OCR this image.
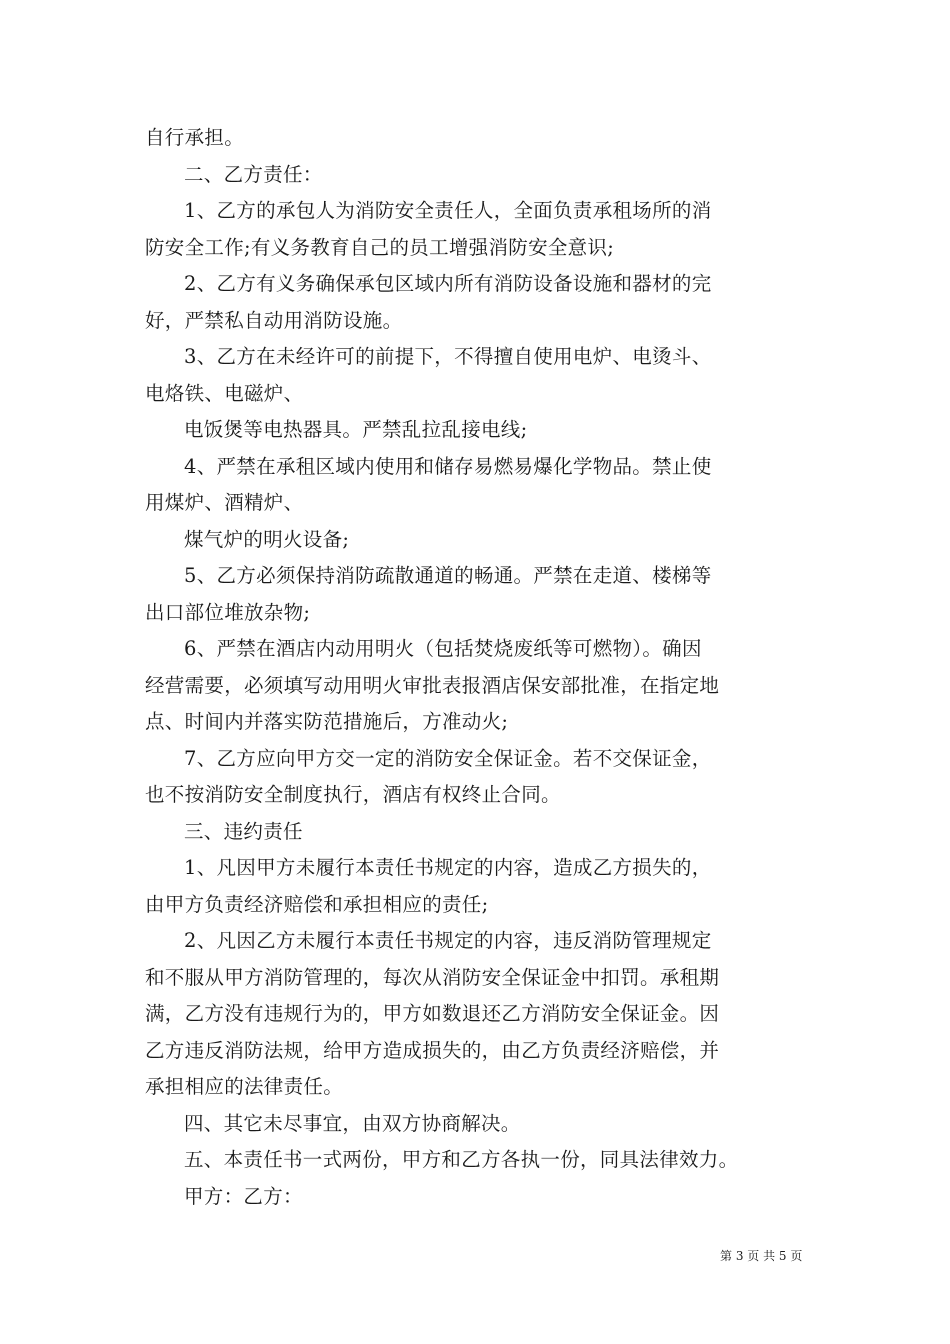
自行承担。

二、乙方责任：

1、乙方的承包人为消防安全责任人，全面负责承租场所的消
防安全工作;有义务教育自己的员工增强消防安全意识;

2、乙方有义务确保承包区域内所有消防设备设施和器材的完
好，严禁私自动用消防设施。

3、乙方在未经许可的前提下，不得擅自使用电炉、电烫斗、
电烙铁、电磁炉、

电饭煲等电热器具。严禁乱拉乱接电线;

4、严禁在承租区域内使用和储存易燃易爆化学物品。禁止使
用煤炉、酒精炉、

煤气炉的明火设备;

5、乙方必须保持消防疏散通道的畅通。严禁在走道、楼梯等
出口部位堆放杂物;

6、严禁在酒店内动用明火（包括焚烧废纸等可燃物）。确因
经营需要，必须填写动用明火审批表报酒店保安部批准，在指定地
点、时间内并落实防范措施后，方准动火;

7、乙方应向甲方交一定的消防安全保证金。若不交保证金，
也不按消防安全制度执行，酒店有权终止合同。

三、违约责任

1、凡因甲方未履行本责任书规定的内容，造成乙方损失的，
由甲方负责经济赔偿和承担相应的责任;

2、凡因乙方未履行本责任书规定的内容，违反消防管理规定
和不服从甲方消防管理的，每次从消防安全保证金中扣罚。承租期
满，乙方没有违规行为的，甲方如数退还乙方消防安全保证金。因
乙方违反消防法规，给甲方造成损失的，由乙方负责经济赔偿，并
承担相应的法律责任。

四、其它未尽事宜，由双方协商解决。

五、本责任书一式两份，甲方和乙方各执一份，同具法律效力。

甲方：乙方：

第 3 页 共 5 页
